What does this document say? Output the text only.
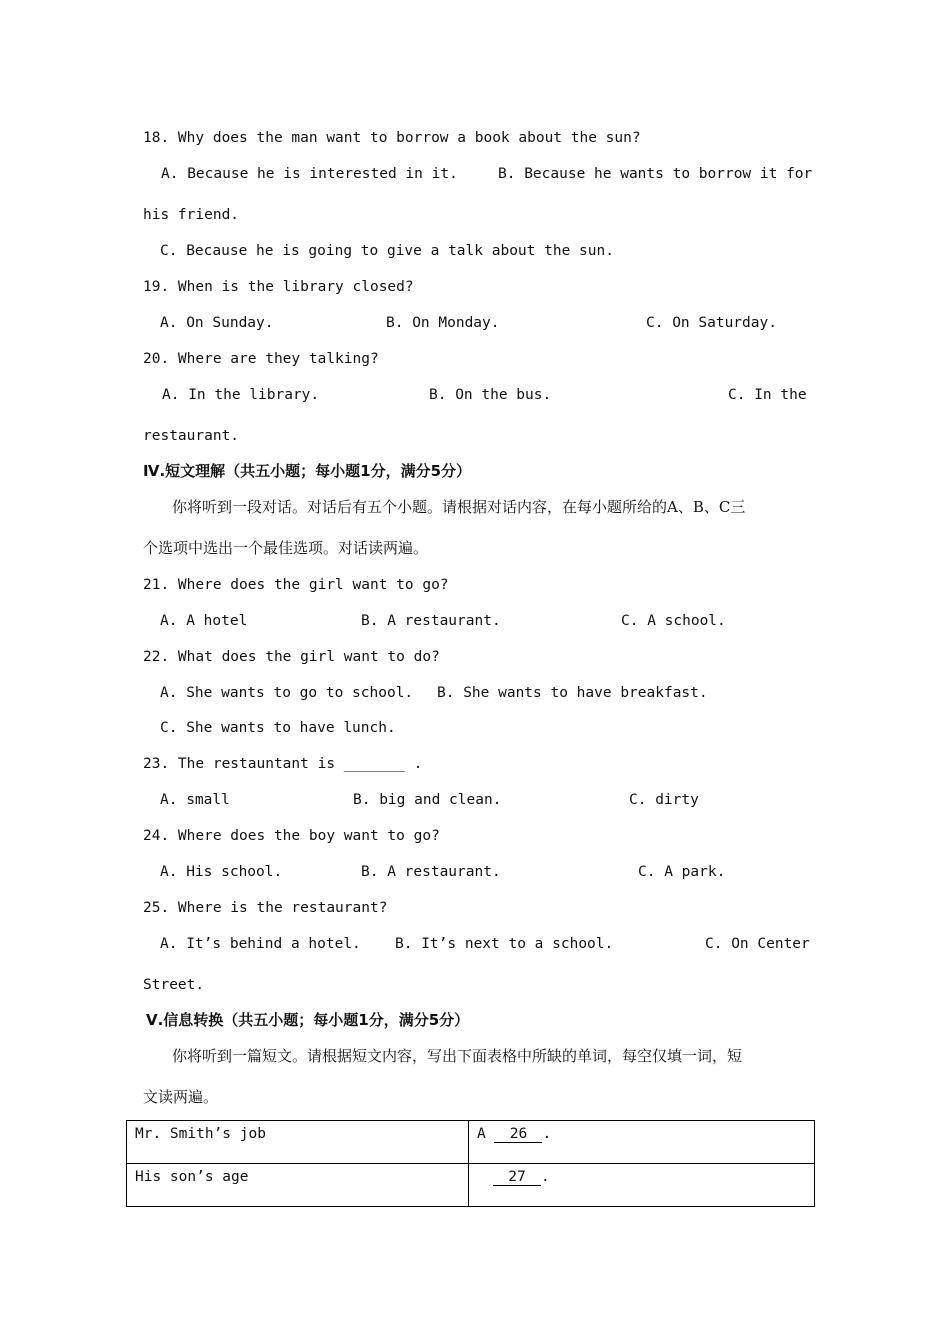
18. Why does the man want to borrow a book about the sun?
A. Because he is interested in it.	B. Because he wants to borrow it for
his friend.
C. Because he is going to give a talk about the sun.
19. When is the library closed?
A. On Sunday.	B. On Monday.	C. On Saturday.
20. Where are they talking?
A. In the library.	B. On the bus.	C. In the
restaurant.
Ⅳ.短文理解（共五小题；每小题1分，满分5分）
你将听到一段对话。对话后有五个小题。请根据对话内容，在每小题所给的A、B、C三
个选项中选出一个最佳选项。对话读两遍。
21. Where does the girl want to go?
A. A hotel	B. A restaurant.	C. A school.
22. What does the girl want to do?
A. She wants to go to school. B. She wants to have breakfast.
C. She wants to have lunch.
23. The restauntant is _______ .
A. small	B. big and clean.	C. dirty
24. Where does the boy want to go?
A. His school.	B. A restaurant.	C. A park.
25. Where is the restaurant?
A. It’s behind a hotel. B. It’s next to a school.	C. On Center
Street.
Ⅴ.信息转换（共五小题；每小题1分，满分5分）
你将听到一篇短文。请根据短文内容，写出下面表格中所缺的单词，每空仅填一词，短
文读两遍。
Mr. Smith’s job	A 26 .
His son’s age	27 .
